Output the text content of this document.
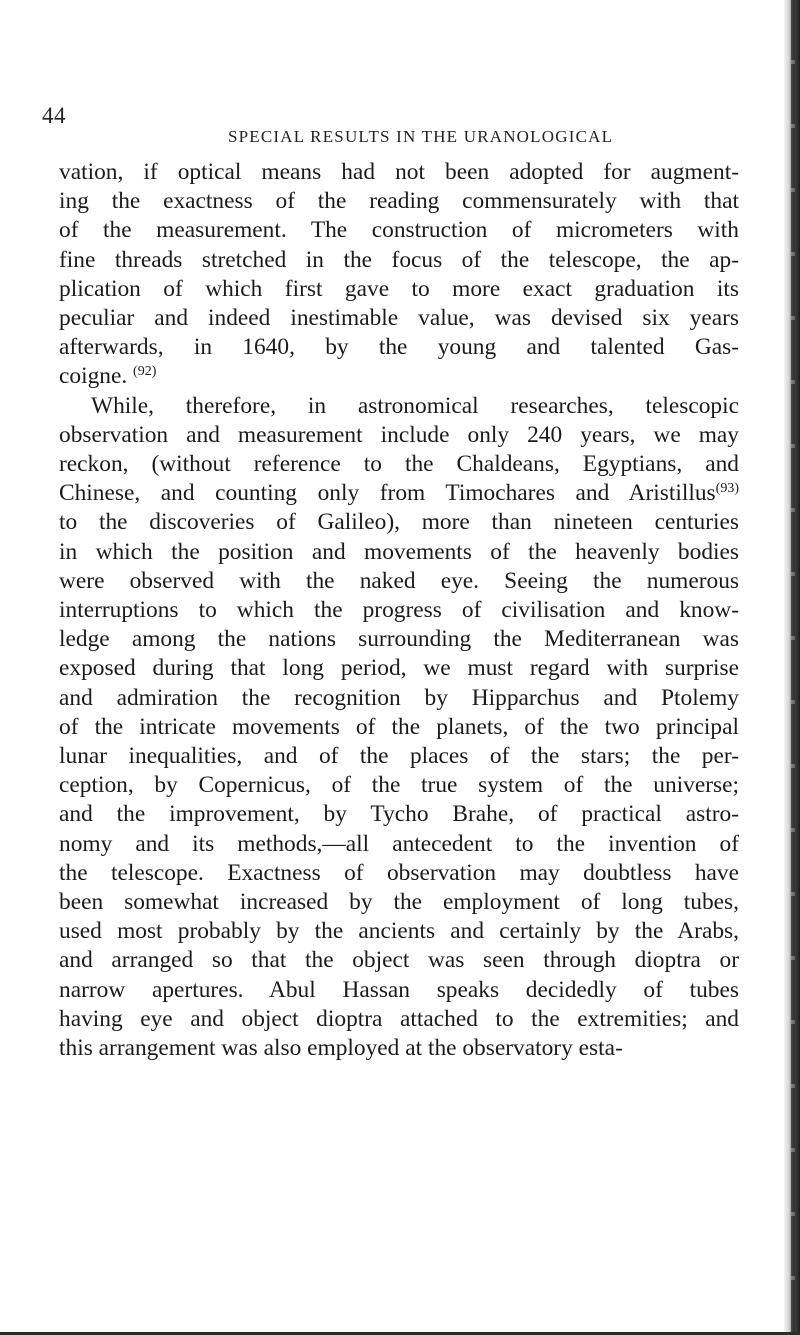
44
SPECIAL RESULTS IN THE URANOLOGICAL
vation, if optical means had not been adopted for augment-
ing the exactness of the reading commensurately with that
of the measurement. The construction of micrometers with
fine threads stretched in the focus of the telescope, the ap-
plication of which first gave to more exact graduation its
peculiar and indeed inestimable value, was devised six years
afterwards, in 1640, by the young and talented Gas-
coigne. $^{(92)}$
While, therefore, in astronomical researches, telescopic
observation and measurement include only 240 years, we may
reckon, (without reference to the Chaldeans, Egyptians, and
Chinese, and counting only from Timochares and Aristillus$^{(93)}$
to the discoveries of Galileo), more than nineteen centuries
in which the position and movements of the heavenly bodies
were observed with the naked eye. Seeing the numerous
interruptions to which the progress of civilisation and know-
ledge among the nations surrounding the Mediterranean was
exposed during that long period, we must regard with surprise
and admiration the recognition by Hipparchus and Ptolemy
of the intricate movements of the planets, of the two principal
lunar inequalities, and of the places of the stars; the per-
ception, by Copernicus, of the true system of the universe;
and the improvement, by Tycho Brahe, of practical astro-
nomy and its methods,—all antecedent to the invention of
the telescope. Exactness of observation may doubtless have
been somewhat increased by the employment of long tubes,
used most probably by the ancients and certainly by the Arabs,
and arranged so that the object was seen through dioptra or
narrow apertures. Abul Hassan speaks decidedly of tubes
having eye and object dioptra attached to the extremities; and
this arrangement was also employed at the observatory esta-
